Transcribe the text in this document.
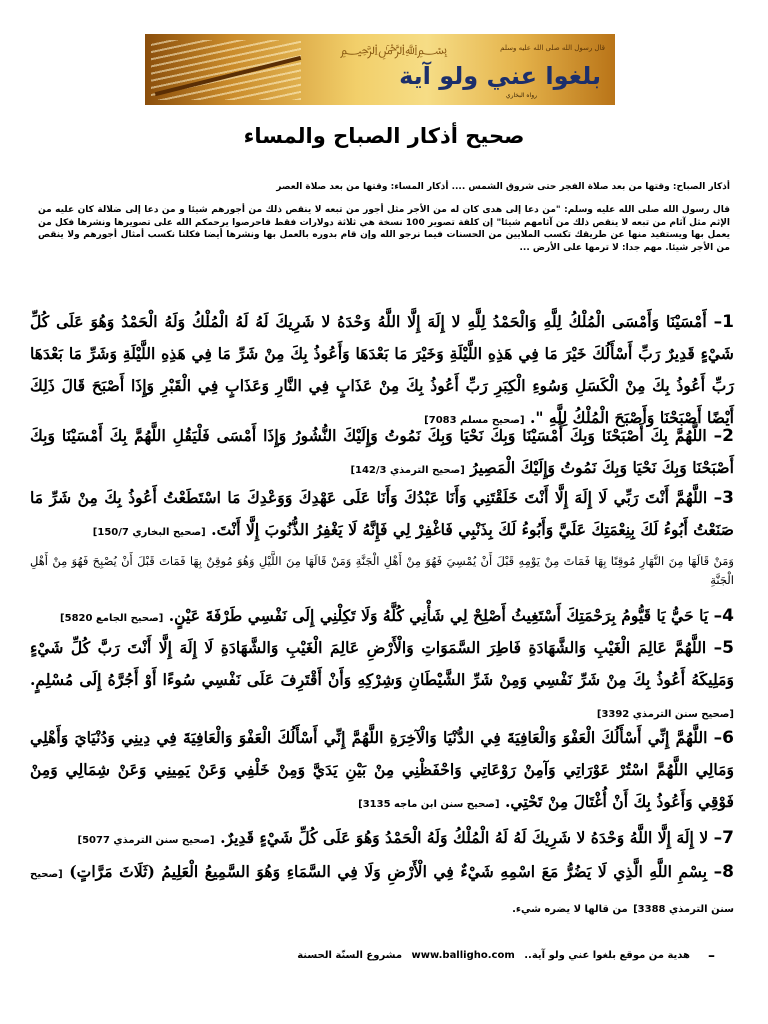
﷽	قال رسول الله صلى الله عليه وسلم
بلغوا عني ولو آية
رواه البخاري
صحيح أذكار الصباح والمساء
أذكار الصباح: وقتها من بعد صلاة الفجر حتى شروق الشمس .... أذكار المساء: وقتها من بعد صلاة العصر
قال رسول الله صلى الله عليه وسلم: "من دعا إلى هدى كان له من الأجر مثل أجور من تبعه لا ينقص ذلك من أجورهم شيئا و من دعا إلى ضلالة كان عليه من الإثم مثل آثام من تبعه لا ينقص ذلك من آثامهم شيئا" إن كلفة تصوير 100 نسخة هي ثلاثة دولارات فقط فاحرصوا يرحمكم الله على تصويرها ونشرها فكل من يعمل بها ويستفيد منها عن طريقك تكسب الملايين من الحسنات فيما نرجو الله وإن قام بدوره بالعمل بها ونشرها أيضا فكلنا نكسب أمثال أجورهم ولا ينقص من الأجر شيئا. مهم جدا: لا ترمها على الأرض ...
1– أَمْسَيْنَا وَأَمْسَى الْمُلْكُ لِلَّهِ وَالْحَمْدُ لِلَّهِ لا إِلَهَ إِلَّا اللَّهُ وَحْدَهُ لا شَرِيكَ لَهُ لَهُ الْمُلْكُ وَلَهُ الْحَمْدُ وَهُوَ عَلَى كُلِّ شَيْءٍ قَدِيرٌ رَبِّ أَسْأَلُكَ خَيْرَ مَا فِي هَذِهِ اللَّيْلَةِ وَخَيْرَ مَا بَعْدَهَا وَأَعُوذُ بِكَ مِنْ شَرِّ مَا فِي هَذِهِ اللَّيْلَةِ وَشَرِّ مَا بَعْدَهَا رَبِّ أَعُوذُ بِكَ مِنْ الْكَسَلِ وَسُوءِ الْكِبَرِ رَبِّ أَعُوذُ بِكَ مِنْ عَذَابٍ فِي النَّارِ وَعَذَابٍ فِي الْقَبْرِ وَإِذَا أَصْبَحَ قَالَ ذَلِكَ أَيْضًا أَصْبَحْنَا وَأَصْبَحَ الْمُلْكُ لِلَّهِ ". [صحيح مسلم 7083]
2– اللَّهُمَّ بِكَ أَصْبَحْنَا وَبِكَ أَمْسَيْنَا وَبِكَ نَحْيَا وَبِكَ نَمُوتُ وَإِلَيْكَ النُّشُورُ وَإِذَا أَمْسَى فَلْيَقُلِ اللَّهُمَّ بِكَ أَمْسَيْنَا وَبِكَ أَصْبَحْنَا وَبِكَ نَحْيَا وَبِكَ نَمُوتُ وَإِلَيْكَ الْمَصِيرُ [صحيح الترمذي 142/3]
3– اللَّهُمَّ أَنْتَ رَبِّي لَا إِلَهَ إِلَّا أَنْتَ خَلَقْتَنِي وَأَنَا عَبْدُكَ وَأَنَا عَلَى عَهْدِكَ وَوَعْدِكَ مَا اسْتَطَعْتُ أَعُوذُ بِكَ مِنْ شَرِّ مَا صَنَعْتُ أَبُوءُ لَكَ بِنِعْمَتِكَ عَلَيَّ وَأَبُوءُ لَكَ بِذَنْبِي فَاغْفِرْ لِي فَإِنَّهُ لَا يَغْفِرُ الذُّنُوبَ إِلَّا أَنْتَ. [صحيح البخاري 150/7]
وَمَنْ قَالَهَا مِنَ النَّهَارِ مُوقِنًا بِهَا فَمَاتَ مِنْ يَوْمِهِ قَبْلَ أَنْ يُمْسِيَ فَهُوَ مِنْ أَهْلِ الْجَنَّةِ وَمَنْ قَالَهَا مِنَ اللَّيْلِ وَهُوَ مُوقِنٌ بِهَا فَمَاتَ قَبْلَ أَنْ يُصْبِحَ فَهُوَ مِنْ أَهْلِ الْجَنَّةِ
4– يَا حَيُّ يَا قَيُّومُ بِرَحْمَتِكَ أَسْتَغِيثُ أَصْلِحْ لِي شَأْنِي كُلَّهُ وَلَا تَكِلْنِي إِلَى نَفْسِي طَرْفَةَ عَيْنٍ. [صحيح الجامع 5820]
5– اللَّهُمَّ عَالِمَ الْغَيْبِ وَالشَّهَادَةِ فَاطِرَ السَّمَوَاتِ وَالْأَرْضِ عَالِمَ الْغَيْبِ وَالشَّهَادَةِ لَا إِلَهَ إِلَّا أَنْتَ رَبَّ كُلِّ شَيْءٍ وَمَلِيكَهُ أَعُوذُ بِكَ مِنْ شَرِّ نَفْسِي وَمِنْ شَرِّ الشَّيْطَانِ وَشِرْكِهِ وَأَنْ أَقْتَرِفَ عَلَى نَفْسِي سُوءًا أَوْ أَجُرَّهُ إِلَى مُسْلِمٍ. [صحيح سنن الترمذي 3392]
6– اللَّهُمَّ إِنِّي أَسْأَلُكَ الْعَفْوَ وَالْعَافِيَةَ فِي الدُّنْيَا وَالْآخِرَةِ اللَّهُمَّ إِنِّي أَسْأَلُكَ الْعَفْوَ وَالْعَافِيَةَ فِي دِينِي وَدُنْيَايَ وَأَهْلِي وَمَالِي اللَّهُمَّ اسْتُرْ عَوْرَاتِي وَآمِنْ رَوْعَاتِي وَاحْفَظْنِي مِنْ بَيْنِ يَدَيَّ وَمِنْ خَلْفِي وَعَنْ يَمِينِي وَعَنْ شِمَالِي وَمِنْ فَوْقِي وَأَعُوذُ بِكَ أَنْ أُغْتَالَ مِنْ تَحْتِي. [صحيح سنن ابن ماجه 3135]
7– لا إِلَهَ إِلَّا اللَّهُ وَحْدَهُ لا شَرِيكَ لَهُ لَهُ الْمُلْكُ وَلَهُ الْحَمْدُ وَهُوَ عَلَى كُلِّ شَيْءٍ قَدِيرٌ. [صحيح سنن الترمذي 5077]
8– بِسْمِ اللَّهِ الَّذِي لَا يَضُرُّ مَعَ اسْمِهِ شَيْءٌ فِي الْأَرْضِ وَلَا فِي السَّمَاءِ وَهُوَ السَّمِيعُ الْعَلِيمُ (ثَلَاثَ مَرَّاتٍ) [صحيح سنن الترمذي 3388] من قالها لا يضره شيء.
هدية من موقع بلغوا عني ولو آية.. www.balligho.com مشروع السنّة الحسنة	–
